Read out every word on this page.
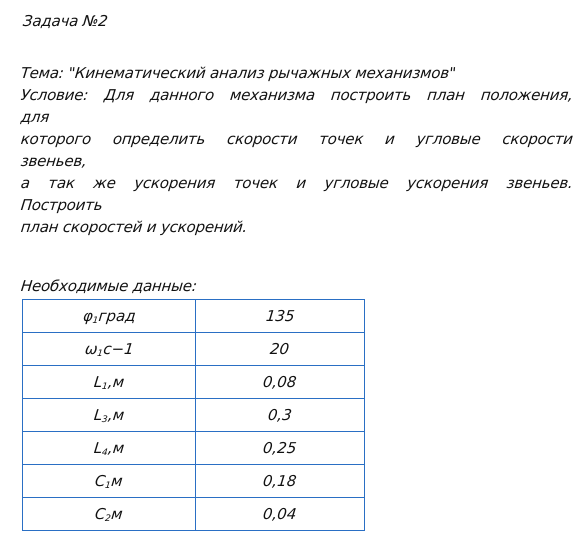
Задача №2
Тема: "Кинематический анализ рычажных механизмов"
Условие: Для данного механизма построить план положения,
для
которого определить скорости точек и угловые скорости
звеньев,
а так же ускорения точек и угловые ускорения звеньев.
Построить
план скоростей и ускорений.
Необходимые данные:
$\varphi_1град$	135
$\omega_1с-1$	20
$L_1,м$	0,08
$L_3,м$	0,3
$L_4,м$	0,25
$C_1м$	0,18
$C_2м$	0,04
